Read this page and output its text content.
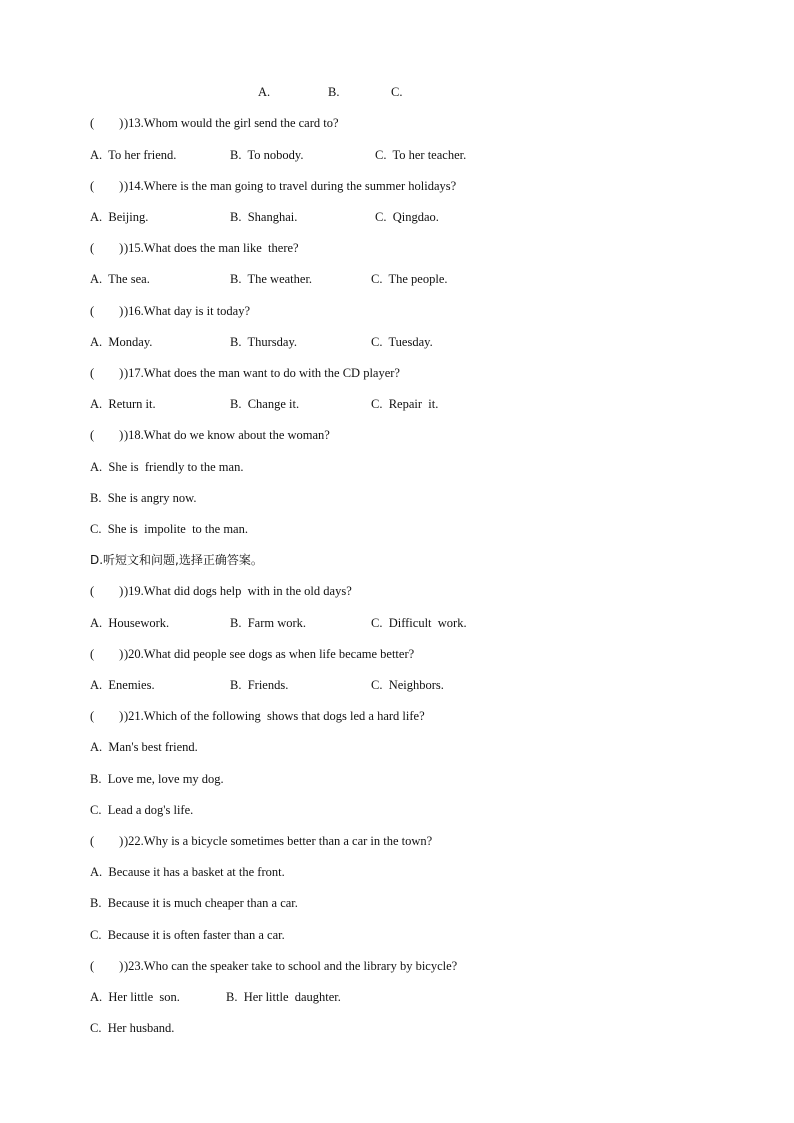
A.	B.	C.
(        ))13.Whom would the girl send the card to?
A.  To her friend.	B.  To nobody.	C.  To her teacher.
(        ))14.Where is the man going to travel during the summer holidays?
A.  Beijing.	B.  Shanghai.	C.  Qingdao.
(        ))15.What does the man like  there?
A.  The sea.	B.  The weather.	C.  The people.
(        ))16.What day is it today?
A.  Monday.	B.  Thursday.	C.  Tuesday.
(        ))17.What does the man want to do with the CD player?
A.  Return it.	B.  Change it.	C.  Repair  it.
(        ))18.What do we know about the woman?
A.  She is  friendly to the man.
B.  She is angry now.
C.  She is  impolite  to the man.
D.听短文和问题,选择正确答案。
(        ))19.What did dogs help  with in the old days?
A.  Housework.	B.  Farm work.	C.  Difficult  work.
(        ))20.What did people see dogs as when life became better?
A.  Enemies.	B.  Friends.	C.  Neighbors.
(        ))21.Which of the following  shows that dogs led a hard life?
A.  Man's best friend.
B.  Love me, love my dog.
C.  Lead a dog's life.
(        ))22.Why is a bicycle sometimes better than a car in the town?
A.  Because it has a basket at the front.
B.  Because it is much cheaper than a car.
C.  Because it is often faster than a car.
(        ))23.Who can the speaker take to school and the library by bicycle?
A.  Her little  son.	B.  Her little  daughter.
C.  Her husband.
